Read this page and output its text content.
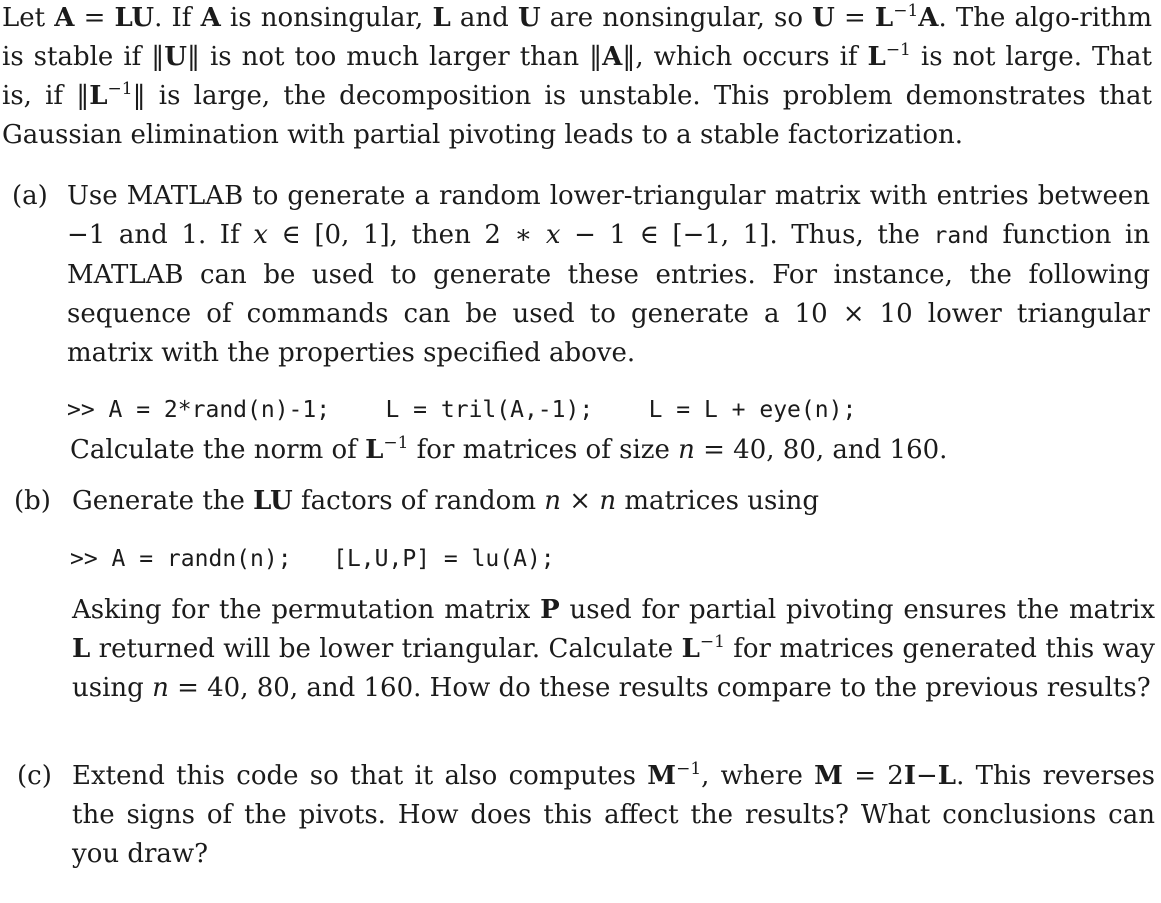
Let A = LU. If A is nonsingular, L and U are nonsingular, so $U = L^{-1}A$. The algo-rithm is stable if ‖U‖ is not too much larger than ‖A‖, which occurs if $L^{-1}$ is not large. That is, if $‖L^{-1}‖$ is large, the decomposition is unstable. This problem demonstrates that Gaussian elimination with partial pivoting leads to a stable factorization.

(a) Use MATLAB to generate a random lower-triangular matrix with entries between −1 and 1. If x ∈ [0, 1], then 2 ∗ x − 1 ∈ [−1, 1]. Thus, the rand function in MATLAB can be used to generate these entries. For instance, the following sequence of commands can be used to generate a 10 × 10 lower triangular matrix with the properties specified above.

>> A = 2*rand(n)-1;    L = tril(A,-1);    L = L + eye(n);

Calculate the norm of $L^{-1}$ for matrices of size n = 40, 80, and 160.

(b) Generate the LU factors of random n × n matrices using

>> A = randn(n);   [L,U,P] = lu(A);

Asking for the permutation matrix P used for partial pivoting ensures the matrix L returned will be lower triangular. Calculate $L^{-1}$ for matrices generated this way using n = 40, 80, and 160. How do these results compare to the previous results?

(c) Extend this code so that it also computes $M^{-1}$, where M = 2I−L. This reverses the signs of the pivots. How does this affect the results? What conclusions can you draw?
